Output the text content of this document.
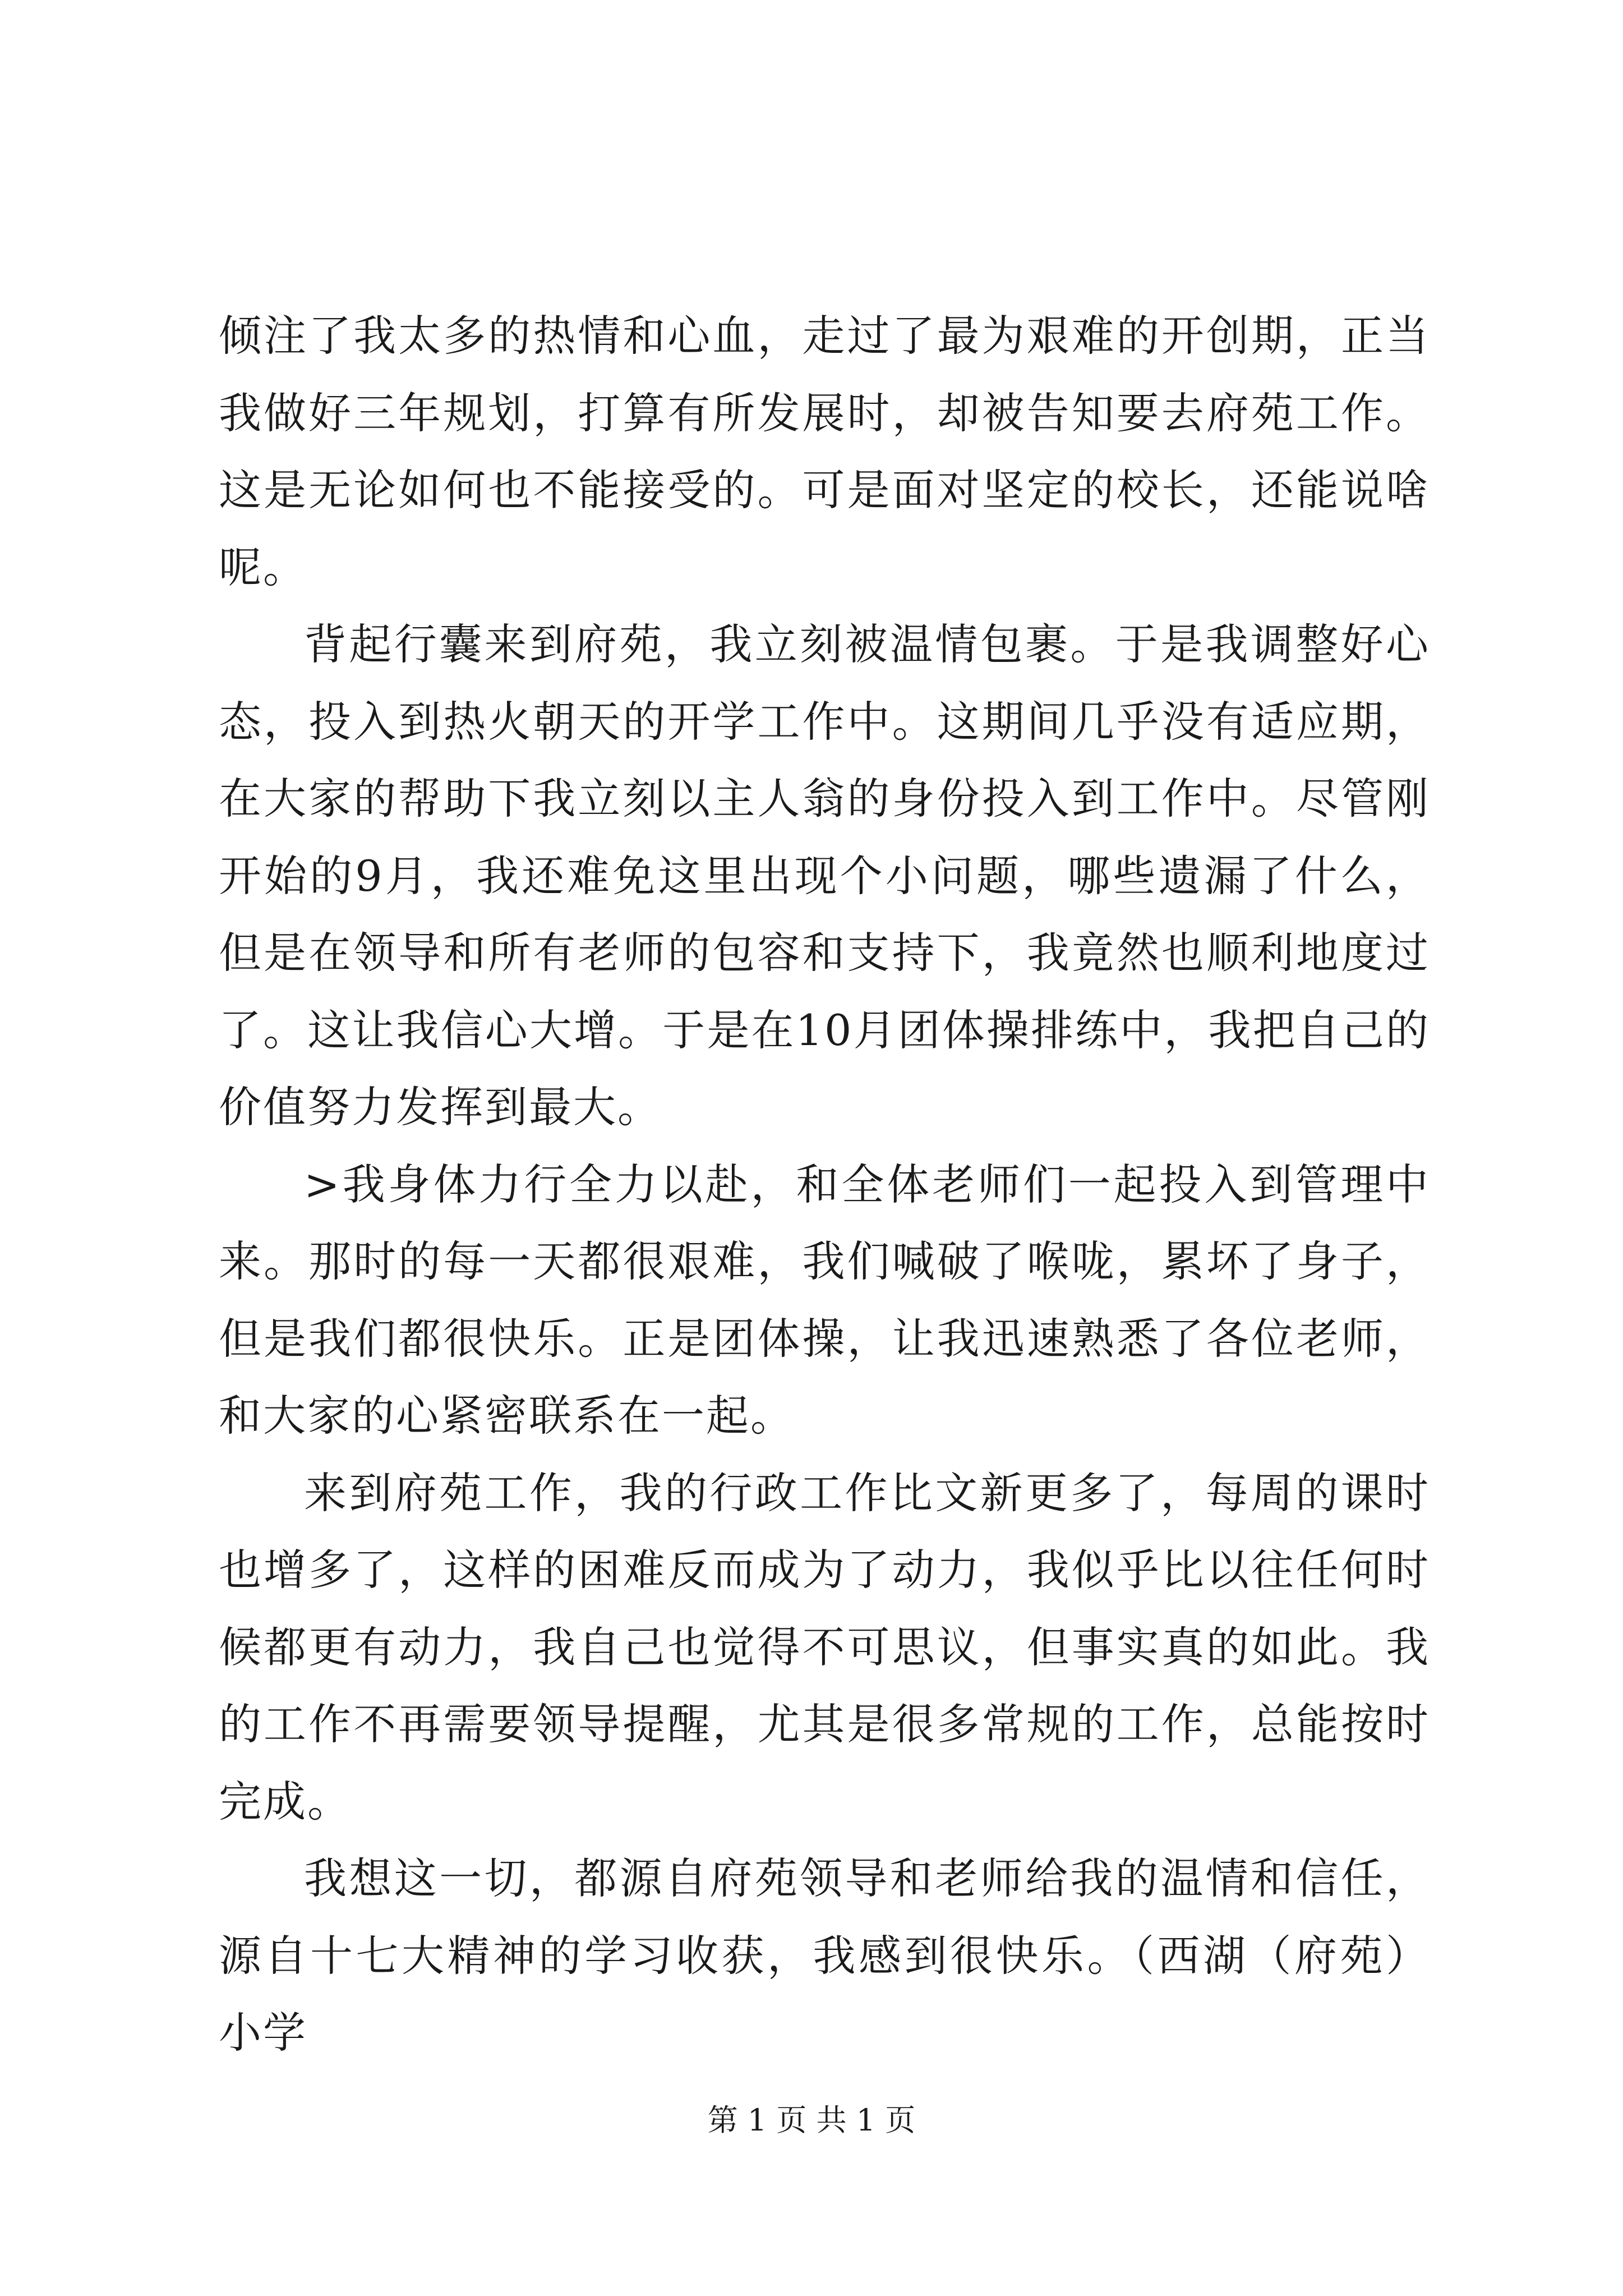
倾注了我太多的热情和心血，走过了最为艰难的开创期，正当我做好三年规划，打算有所发展时，却被告知要去府苑工作。这是无论如何也不能接受的。可是面对坚定的校长，还能说啥呢。

背起行囊来到府苑，我立刻被温情包裹。于是我调整好心态，投入到热火朝天的开学工作中。这期间几乎没有适应期，在大家的帮助下我立刻以主人翁的身份投入到工作中。尽管刚开始的9月，我还难免这里出现个小问题，哪些遗漏了什么，但是在领导和所有老师的包容和支持下，我竟然也顺利地度过了。这让我信心大增。于是在10月团体操排练中，我把自己的价值努力发挥到最大。

>我身体力行全力以赴，和全体老师们一起投入到管理中来。那时的每一天都很艰难，我们喊破了喉咙，累坏了身子，但是我们都很快乐。正是团体操，让我迅速熟悉了各位老师，和大家的心紧密联系在一起。

来到府苑工作，我的行政工作比文新更多了，每周的课时也增多了，这样的困难反而成为了动力，我似乎比以往任何时候都更有动力，我自己也觉得不可思议，但事实真的如此。我的工作不再需要领导提醒，尤其是很多常规的工作，总能按时完成。

我想这一切，都源自府苑领导和老师给我的温情和信任，源自十七大精神的学习收获，我感到很快乐。（西湖（府苑）小学

第 1 页 共 1 页
